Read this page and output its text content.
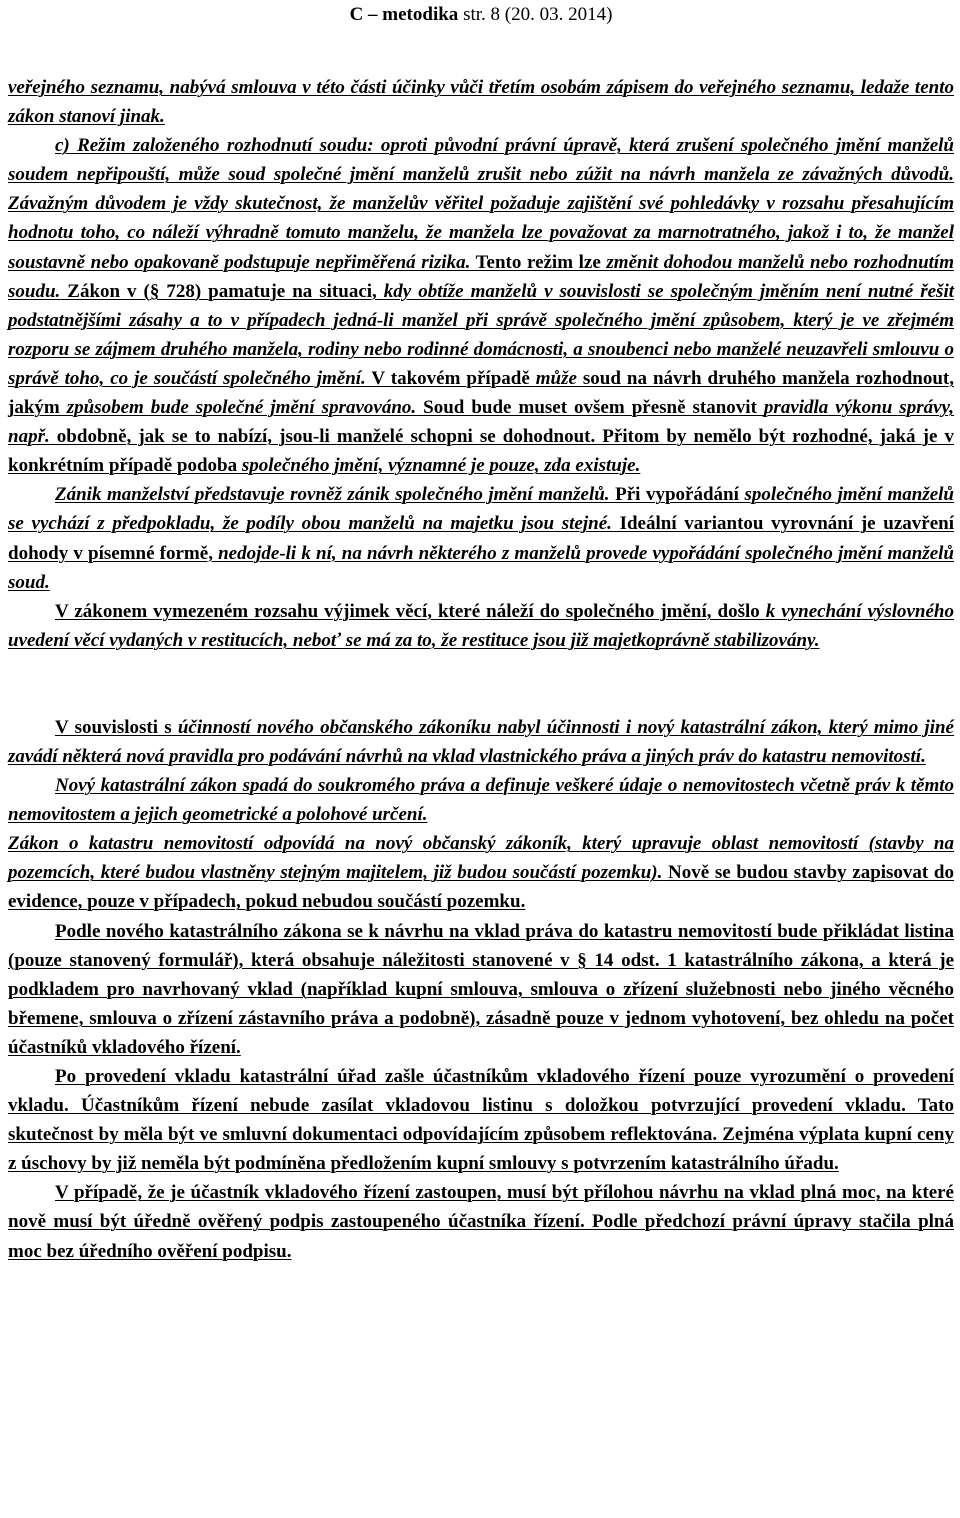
C – metodika str. 8 (20. 03. 2014)

veřejného seznamu, nabývá smlouva v této části účinky vůči třetím osobám zápisem do veřejného seznamu, ledaže tento zákon stanoví jinak.

c) Režim založeného rozhodnutí soudu: oproti původní právní úpravě, která zrušení společného jmění manželů soudem nepřipouští, může soud společné jmění manželů zrušit nebo zúžit na návrh manžela ze závažných důvodů. Závažným důvodem je vždy skutečnost, že manželův věřitel požaduje zajištění své pohledávky v rozsahu přesahujícím hodnotu toho, co náleží výhradně tomuto manželu, že manžela lze považovat za marnotratného, jakož i to, že manžel soustavně nebo opakovaně podstupuje nepřiměřená rizika. Tento režim lze změnit dohodou manželů nebo rozhodnutím soudu. Zákon v (§ 728) pamatuje na situaci, kdy obtíže manželů v souvislosti se společným jměním není nutné řešit podstatnějšími zásahy a to v případech jedná-li manžel při správě společného jmění způsobem, který je ve zřejmém rozporu se zájmem druhého manžela, rodiny nebo rodinné domácnosti, a snoubenci nebo manželé neuzavřeli smlouvu o správě toho, co je součástí společného jmění. V takovém případě může soud na návrh druhého manžela rozhodnout, jakým způsobem bude společné jmění spravováno. Soud bude muset ovšem přesně stanovit pravidla výkonu správy, např. obdobně, jak se to nabízí, jsou-li manželé schopni se dohodnout. Přitom by nemělo být rozhodné, jaká je v konkrétním případě podoba společného jmění, významné je pouze, zda existuje.

Zánik manželství představuje rovněž zánik společného jmění manželů. Při vypořádání společného jmění manželů se vychází z předpokladu, že podíly obou manželů na majetku jsou stejné. Ideální variantou vyrovnání je uzavření dohody v písemné formě, nedojde-li k ní, na návrh některého z manželů provede vypořádání společného jmění manželů soud.

V zákonem vymezeném rozsahu výjimek věcí, které náleží do společného jmění, došlo k vynechání výslovného uvedení věcí vydaných v restitucích, neboť se má za to, že restituce jsou již majetkoprávně stabilizovány.

V souvislosti s účinností nového občanského zákoníku nabyl účinnosti i nový katastrální zákon, který mimo jiné zavádí některá nová pravidla pro podávání návrhů na vklad vlastnického práva a jiných práv do katastru nemovitostí.

Nový katastrální zákon spadá do soukromého práva a definuje veškeré údaje o nemovitostech včetně práv k těmto nemovitostem a jejich geometrické a polohové určení.

Zákon o katastru nemovitostí odpovídá na nový občanský zákoník, který upravuje oblast nemovitostí (stavby na pozemcích, které budou vlastněny stejným majitelem, již budou součástí pozemku). Nově se budou stavby zapisovat do evidence, pouze v případech, pokud nebudou součástí pozemku.

Podle nového katastrálního zákona se k návrhu na vklad práva do katastru nemovitostí bude přikládat listina (pouze stanovený formulář), která obsahuje náležitosti stanovené v § 14 odst. 1 katastrálního zákona, a která je podkladem pro navrhovaný vklad (například kupní smlouva, smlouva o zřízení služebnosti nebo jiného věcného břemene, smlouva o zřízení zástavního práva a podobně), zásadně pouze v jednom vyhotovení, bez ohledu na počet účastníků vkladového řízení.

Po provedení vkladu katastrální úřad zašle účastníkům vkladového řízení pouze vyrozumění o provedení vkladu. Účastníkům řízení nebude zasílat vkladovou listinu s doložkou potvrzující provedení vkladu. Tato skutečnost by měla být ve smluvní dokumentaci odpovídajícím způsobem reflektována. Zejména výplata kupní ceny z úschovy by již neměla být podmíněna předložením kupní smlouvy s potvrzením katastrálního úřadu.

V případě, že je účastník vkladového řízení zastoupen, musí být přílohou návrhu na vklad plná moc, na které nově musí být úředně ověřený podpis zastoupeného účastníka řízení. Podle předchozí právní úpravy stačila plná moc bez úředního ověření podpisu.
